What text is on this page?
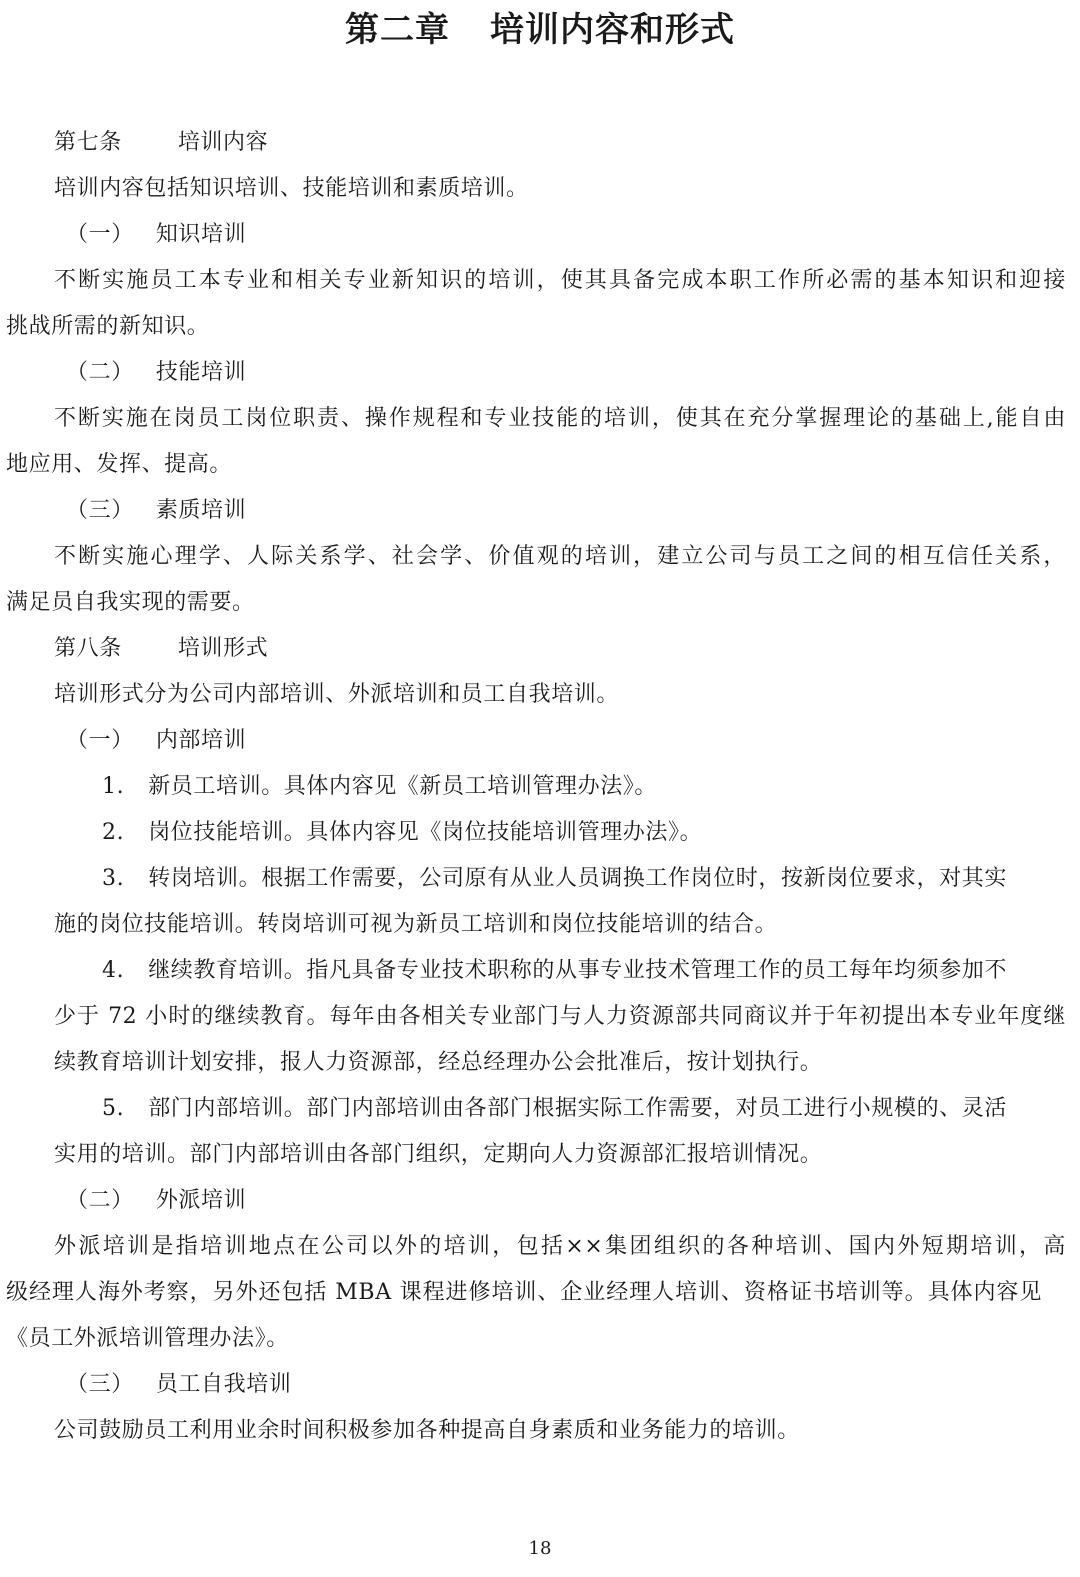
第二章 培训内容和形式
第七条	培训内容
培训内容包括知识培训、技能培训和素质培训。
（一） 知识培训
不断实施员工本专业和相关专业新知识的培训，使其具备完成本职工作所必需的基本知识和迎接
挑战所需的新知识。
（二） 技能培训
不断实施在岗员工岗位职责、操作规程和专业技能的培训，使其在充分掌握理论的基础上,能自由
地应用、发挥、提高。
（三） 素质培训
不断实施心理学、人际关系学、社会学、价值观的培训，建立公司与员工之间的相互信任关系，
满足员自我实现的需要。
第八条	培训形式
培训形式分为公司内部培训、外派培训和员工自我培训。
（一） 内部培训
1. 新员工培训。具体内容见《新员工培训管理办法》。
2. 岗位技能培训。具体内容见《岗位技能培训管理办法》。
3. 转岗培训。根据工作需要，公司原有从业人员调换工作岗位时，按新岗位要求，对其实
施的岗位技能培训。转岗培训可视为新员工培训和岗位技能培训的结合。
4. 继续教育培训。指凡具备专业技术职称的从事专业技术管理工作的员工每年均须参加不
少于 72 小时的继续教育。每年由各相关专业部门与人力资源部共同商议并于年初提出本专业年度继
续教育培训计划安排，报人力资源部，经总经理办公会批准后，按计划执行。
5. 部门内部培训。部门内部培训由各部门根据实际工作需要，对员工进行小规模的、灵活
实用的培训。部门内部培训由各部门组织，定期向人力资源部汇报培训情况。
（二） 外派培训
外派培训是指培训地点在公司以外的培训，包括××集团组织的各种培训、国内外短期培训，高
级经理人海外考察，另外还包括 MBA 课程进修培训、企业经理人培训、资格证书培训等。具体内容见
《员工外派培训管理办法》。
（三） 员工自我培训
公司鼓励员工利用业余时间积极参加各种提高自身素质和业务能力的培训。
18
